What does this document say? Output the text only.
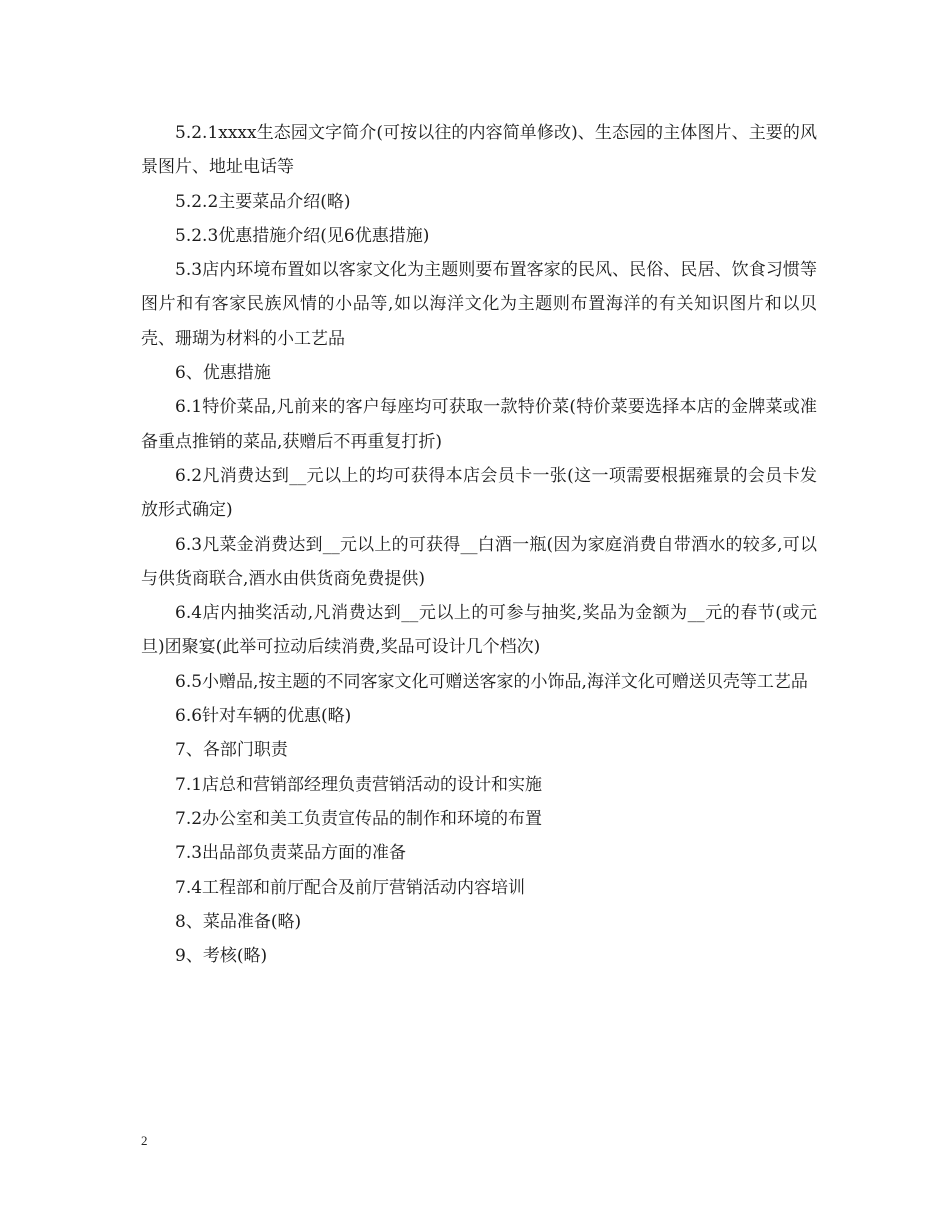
5.2.1xxxx生态园文字简介(可按以往的内容简单修改)、生态园的主体图片、主要的风景图片、地址电话等

5.2.2主要菜品介绍(略)

5.2.3优惠措施介绍(见6优惠措施)

5.3店内环境布置如以客家文化为主题则要布置客家的民风、民俗、民居、饮食习惯等图片和有客家民族风情的小品等,如以海洋文化为主题则布置海洋的有关知识图片和以贝壳、珊瑚为材料的小工艺品

6、优惠措施

6.1特价菜品,凡前来的客户每座均可获取一款特价菜(特价菜要选择本店的金牌菜或准备重点推销的菜品,获赠后不再重复打折)

6.2凡消费达到__元以上的均可获得本店会员卡一张(这一项需要根据雍景的会员卡发放形式确定)

6.3凡菜金消费达到__元以上的可获得__白酒一瓶(因为家庭消费自带酒水的较多,可以与供货商联合,酒水由供货商免费提供)

6.4店内抽奖活动,凡消费达到__元以上的可参与抽奖,奖品为金额为__元的春节(或元旦)团聚宴(此举可拉动后续消费,奖品可设计几个档次)

6.5小赠品,按主题的不同客家文化可赠送客家的小饰品,海洋文化可赠送贝壳等工艺品

6.6针对车辆的优惠(略)

7、各部门职责

7.1店总和营销部经理负责营销活动的设计和实施

7.2办公室和美工负责宣传品的制作和环境的布置

7.3出品部负责菜品方面的准备

7.4工程部和前厅配合及前厅营销活动内容培训

8、菜品准备(略)

9、考核(略)

2
